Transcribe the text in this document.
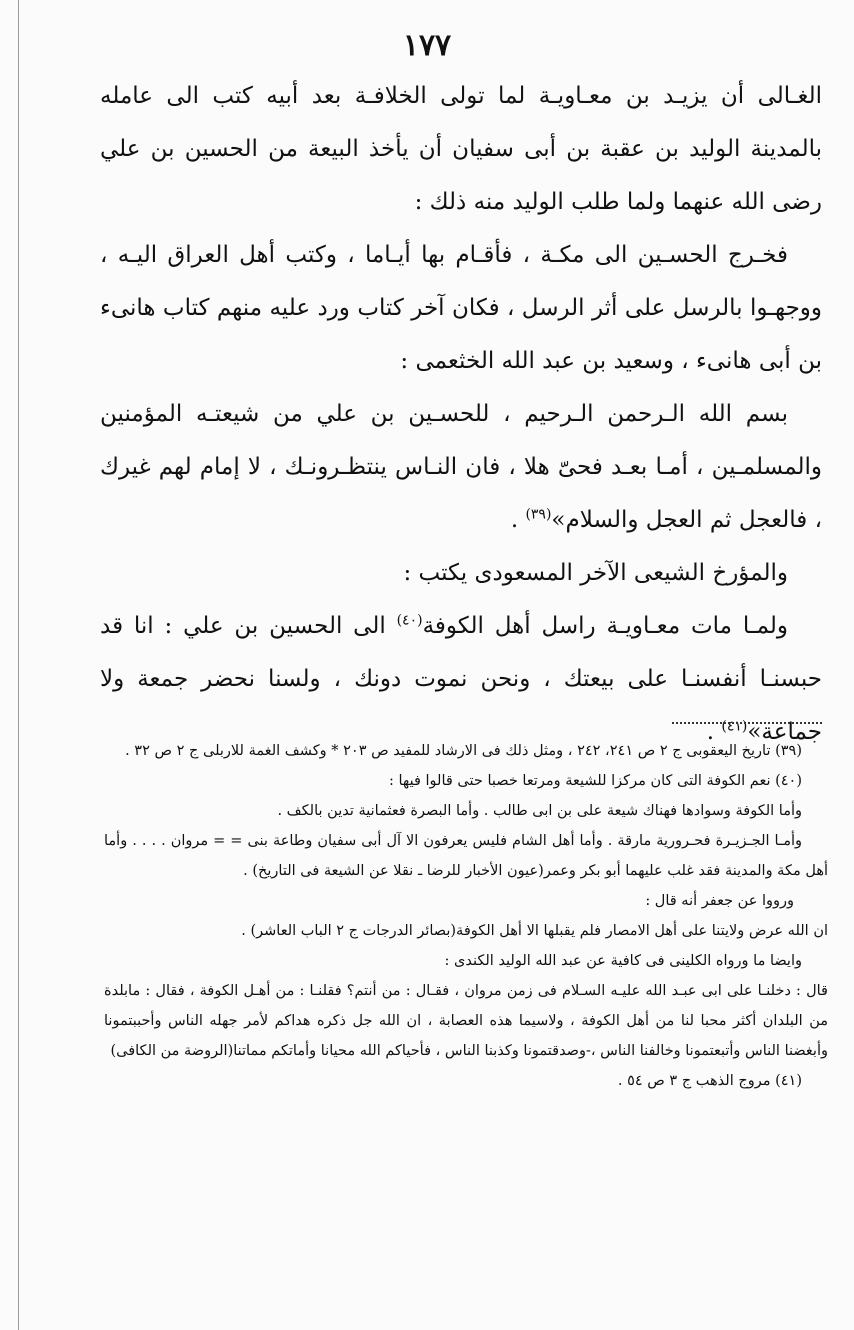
١٧٧

الغـالى أن يزيـد بن معـاويـة لما تولى الخلافـة بعد أبيه كتب الى عامله بالمدينة الوليد بن عقبة بن أبى سفيان أن يأخذ البيعة من الحسين بن علي رضى الله عنهما ولما طلب الوليد منه ذلك :

فخـرج الحسـين الى مكـة ، فأقـام بها أيـاما ، وكتب أهل العراق اليـه ، ووجهـوا بالرسل على أثر الرسل ، فكان آخر كتاب ورد عليه منهم كتاب هانىء بن أبى هانىء ، وسعيد بن عبد الله الخثعمى :

بسم الله الـرحمن الـرحيم ، للحسـين بن علي من شيعتـه المؤمنين والمسلمـين ، أمـا بعـد فحىّ هلا ، فان النـاس ينتظـرونـك ، لا إمام لهم غيرك ، فالعجل ثم العجل والسلام»$^{(٣٩)}$ .

والمؤرخ الشيعى الآخر المسعودى يكتب :

ولمـا مات معـاويـة راسل أهل الكوفة$^{(٤٠)}$ الى الحسين بن علي : انا قد حبسنـا أنفسنـا على بيعتك ، ونحن نموت دونك ، ولسنا نحضر جمعة ولا جماعة»$^{(٤١)}$ .

(٣٩) تاريخ اليعقوبى ج ٢ ص ٢٤١، ٢٤٢ ، ومثل ذلك فى الارشاد للمفيد ص ٢٠٣ * وكشف الغمة للاربلى ج ٢ ص ٣٢ .

(٤٠) نعم الكوفة التى كان مركزا للشيعة ومرتعا خصبا حتى قالوا فيها :

وأما الكوفة وسوادها فهناك شيعة على بن ابى طالب . وأما البصرة فعثمانية تدين بالكف .

وأمـا الجـزيـرة فحـرورية مارقة . وأما أهل الشام فليس يعرفون الا آل أبى سفيان وطاعة بنى = = مروان . . . . وأما أهل مكة والمدينة فقد غلب عليهما أبو بكر وعمر(عيون الأخبار للرضا ـ نقلا عن الشيعة فى التاريخ) .

ورووا عن جعفر أنه قال :

ان الله عرض ولايتنا على أهل الامصار فلم يقبلها الا أهل الكوفة(بصائر الدرجات ج ٢ الباب العاشر) .

وايضا ما ورواه الكلينى فى كافية عن عبد الله الوليد الكندى :

قال : دخلنـا على ابى عبـد الله عليـه السـلام فى زمن مروان ، فقـال : من أنتم؟ فقلنـا : من أهـل الكوفة ، فقال : مابلدة من البلدان أكثر محبا لنا من أهل الكوفة ، ولاسيما هذه العصابة ، ان الله جل ذكره هداكم لأمر جهله الناس وأحببتمونا وأبغضنا الناس وأتبعتمونا وخالفنا الناس ،-وصدقتمونا وكذبنا الناس ، فأحياكم الله محيانا وأماتكم مماتنا(الروضة من الكافى)

(٤١) مروج الذهب ج ٣ ص ٥٤ .
